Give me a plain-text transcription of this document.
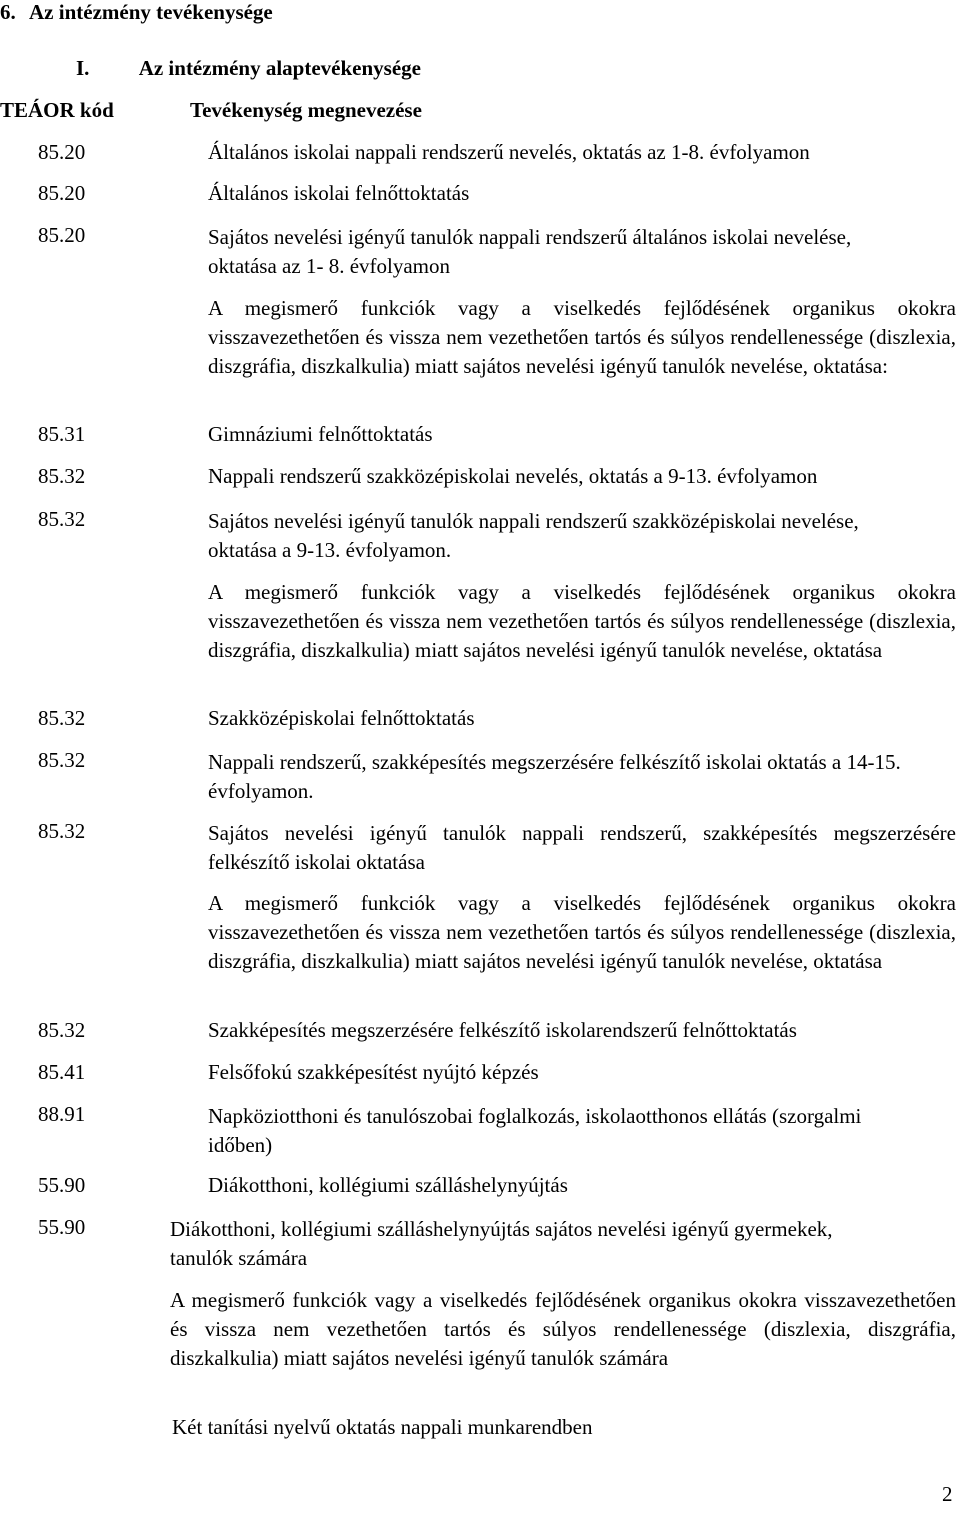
6. Az intézmény tevékenysége
I. Az intézmény alaptevékenysége
TEÁOR kód	Tevékenység megnevezése
85.20	Általános iskolai nappali rendszerű nevelés, oktatás az 1-8. évfolyamon
85.20	Általános iskolai felnőttoktatás
85.20	Sajátos nevelési igényű tanulók nappali rendszerű általános iskolai nevelése, oktatása az 1- 8. évfolyamon
A megismerő funkciók vagy a viselkedés fejlődésének organikus okokra visszavezethetően és vissza nem vezethetően tartós és súlyos rendellenessége (diszlexia, diszgráfia, diszkalkulia) miatt sajátos nevelési igényű tanulók nevelése, oktatása:
85.31	Gimnáziumi felnőttoktatás
85.32	Nappali rendszerű szakközépiskolai nevelés, oktatás a 9-13. évfolyamon
85.32	Sajátos nevelési igényű tanulók nappali rendszerű szakközépiskolai nevelése, oktatása a 9-13. évfolyamon.
A megismerő funkciók vagy a viselkedés fejlődésének organikus okokra visszavezethetően és vissza nem vezethetően tartós és súlyos rendellenessége (diszlexia, diszgráfia, diszkalkulia) miatt sajátos nevelési igényű tanulók nevelése, oktatása
85.32	Szakközépiskolai felnőttoktatás
85.32	Nappali rendszerű, szakképesítés megszerzésére felkészítő iskolai oktatás a 14-15. évfolyamon.
85.32	Sajátos nevelési igényű tanulók nappali rendszerű, szakképesítés megszerzésére felkészítő iskolai oktatása
A megismerő funkciók vagy a viselkedés fejlődésének organikus okokra visszavezethetően és vissza nem vezethetően tartós és súlyos rendellenessége (diszlexia, diszgráfia, diszkalkulia) miatt sajátos nevelési igényű tanulók nevelése, oktatása
85.32	Szakképesítés megszerzésére felkészítő iskolarendszerű felnőttoktatás
85.41	Felsőfokú szakképesítést nyújtó képzés
88.91	Napköziotthoni és tanulószobai foglalkozás, iskolaotthonos ellátás (szorgalmi időben)
55.90	Diákotthoni, kollégiumi szálláshelynyújtás
55.90	Diákotthoni, kollégiumi szálláshelynyújtás sajátos nevelési igényű gyermekek, tanulók számára
A megismerő funkciók vagy a viselkedés fejlődésének organikus okokra visszavezethetően és vissza nem vezethetően tartós és súlyos rendellenessége (diszlexia, diszgráfia, diszkalkulia) miatt sajátos nevelési igényű tanulók számára
Két tanítási nyelvű oktatás nappali munkarendben
2
